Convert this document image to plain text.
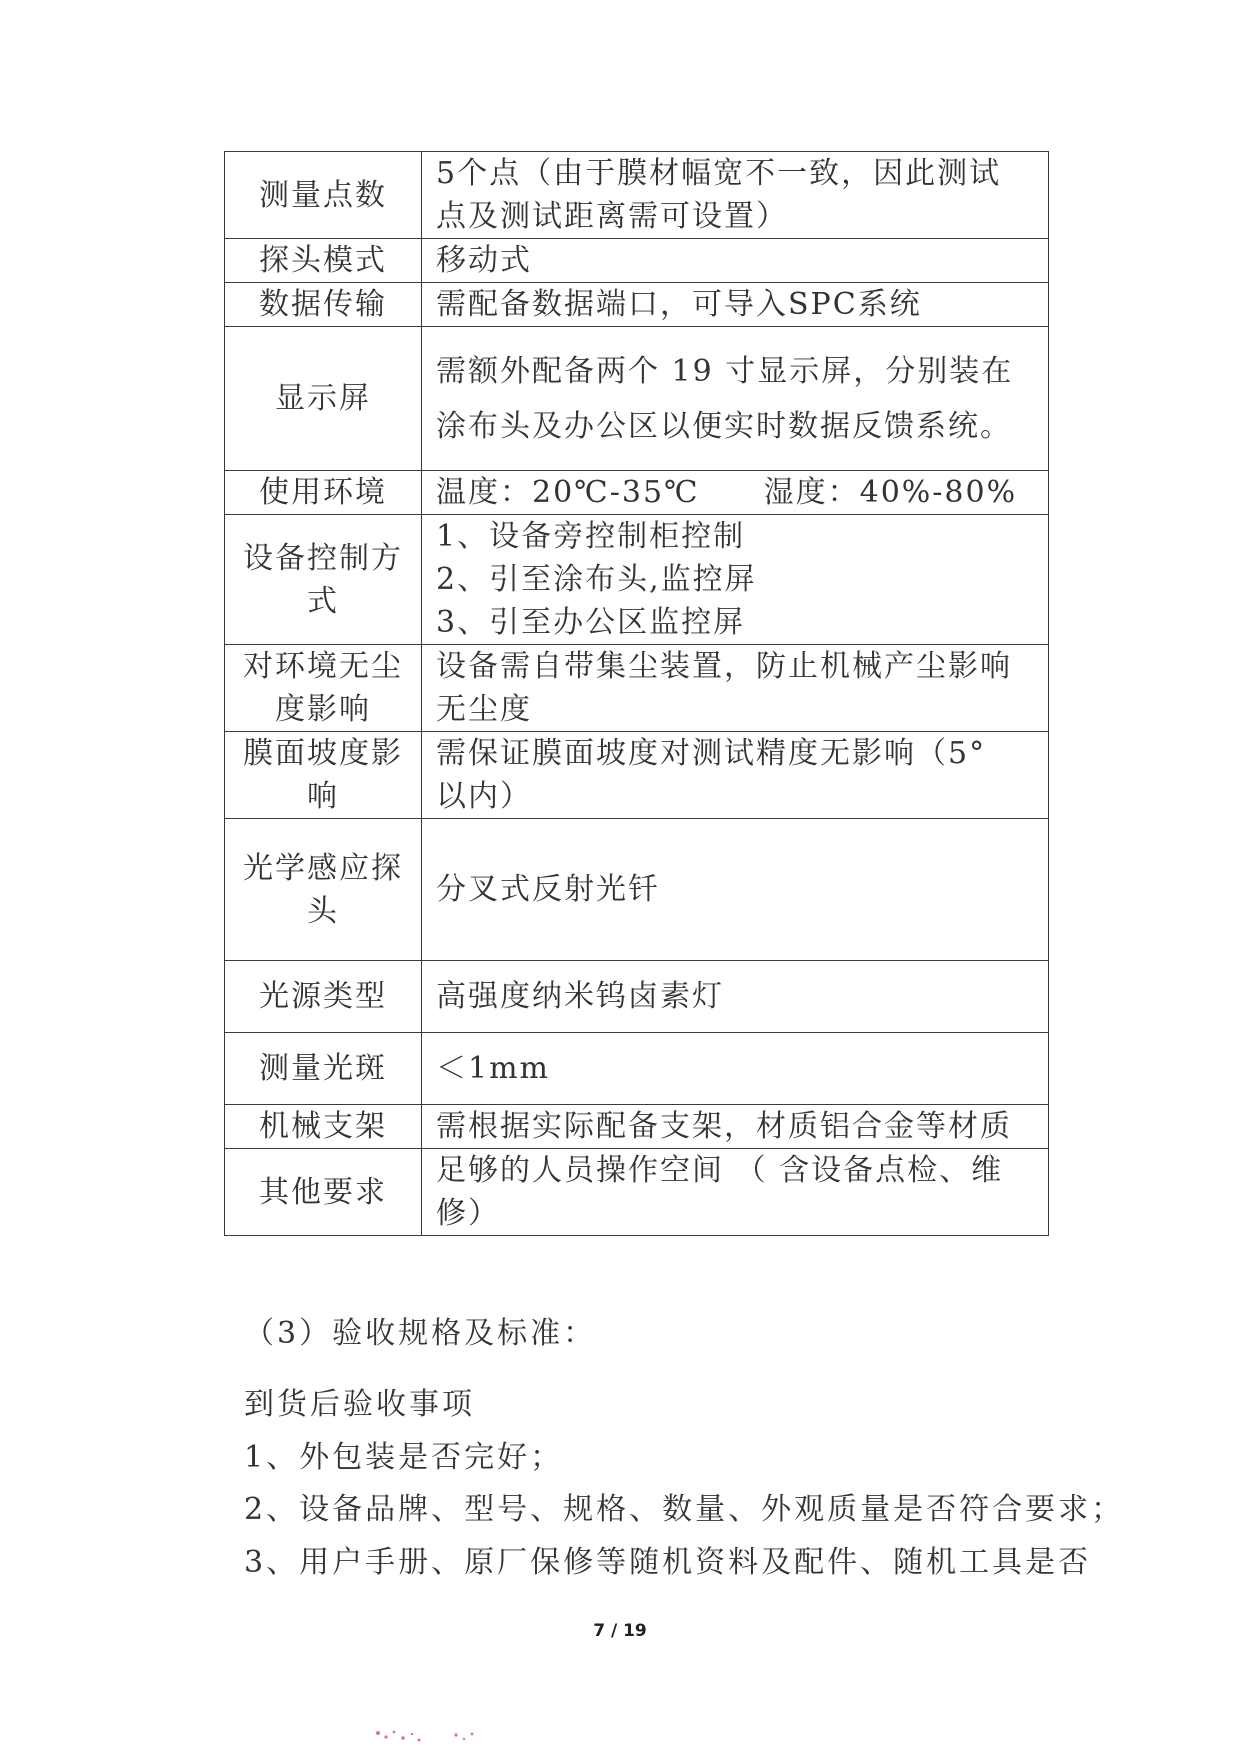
测量点数	5个点（由于膜材幅宽不一致，因此测试
点及测试距离需可设置）

探头模式	移动式

数据传输	需配备数据端口，可导入SPC系统

显示屏	需额外配备两个 19 寸显示屏，分别装在
涂布头及办公区以便实时数据反馈系统。

使用环境	温度：20℃-35℃　　湿度：40%-80%

设备控制方
式	1、设备旁控制柜控制
2、引至涂布头,监控屏
3、引至办公区监控屏

对环境无尘
度影响	设备需自带集尘装置，防止机械产尘影响
无尘度

膜面坡度影
响	需保证膜面坡度对测试精度无影响（5°
以内）

光学感应探
头	分叉式反射光钎

光源类型	高强度纳米钨卤素灯

测量光斑	＜1mm

机械支架	需根据实际配备支架，材质铝合金等材质

其他要求	足够的人员操作空间 （ 含设备点检、维
修）
（3）验收规格及标准：
到货后验收事项
1、外包装是否完好；
2、设备品牌、型号、规格、数量、外观质量是否符合要求；
3、用户手册、原厂保修等随机资料及配件、随机工具是否
7 / 19
